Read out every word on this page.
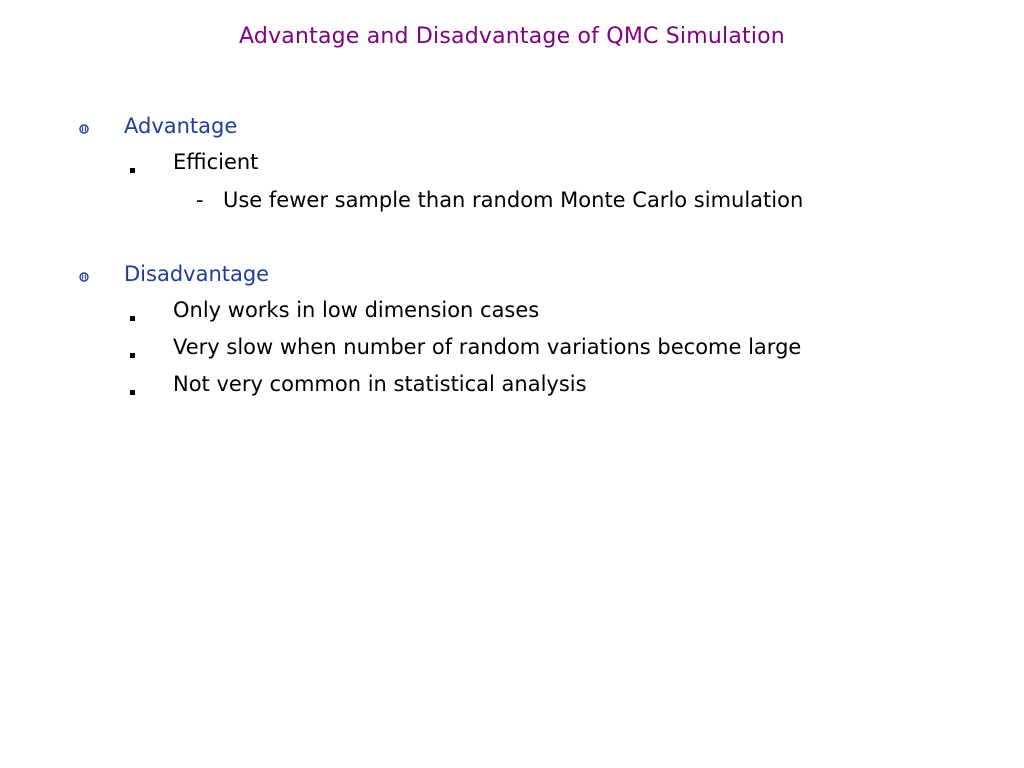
Advantage and Disadvantage of QMC Simulation
Advantage
Efficient
- Use fewer sample than random Monte Carlo simulation
Disadvantage
Only works in low dimension cases
Very slow when number of random variations become large
Not very common in statistical analysis
